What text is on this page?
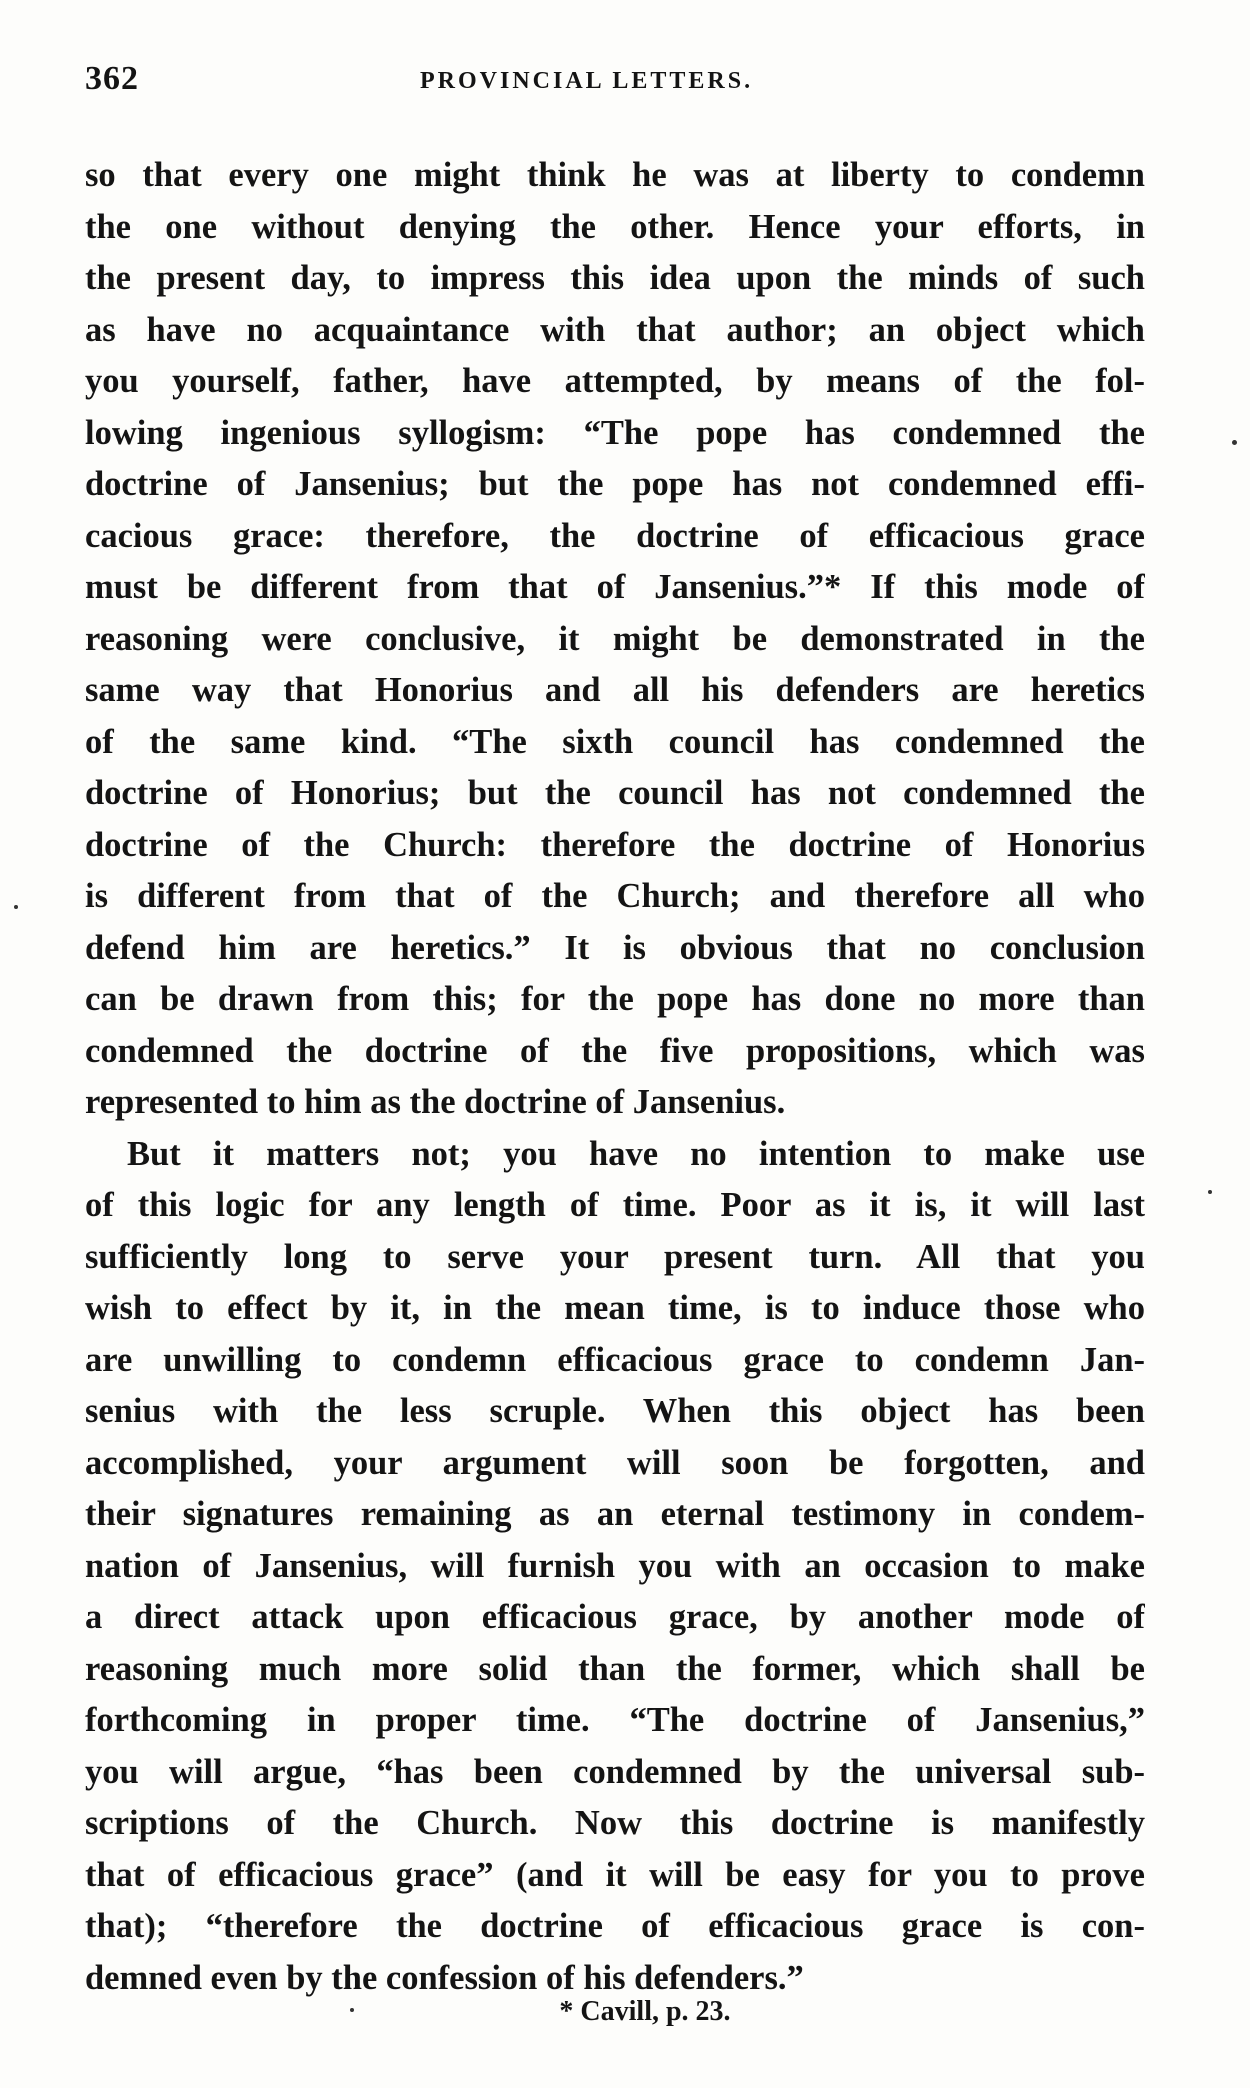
362	PROVINCIAL LETTERS.
so that every one might think he was at liberty to condemn
the one without denying the other. Hence your efforts, in
the present day, to impress this idea upon the minds of such
as have no acquaintance with that author; an object which
you yourself, father, have attempted, by means of the fol-
lowing ingenious syllogism: “The pope has condemned the
doctrine of Jansenius; but the pope has not condemned effi-
cacious grace: therefore, the doctrine of efficacious grace
must be different from that of Jansenius.”* If this mode of
reasoning were conclusive, it might be demonstrated in the
same way that Honorius and all his defenders are heretics
of the same kind. “The sixth council has condemned the
doctrine of Honorius; but the council has not condemned the
doctrine of the Church: therefore the doctrine of Honorius
is different from that of the Church; and therefore all who
defend him are heretics.” It is obvious that no conclusion
can be drawn from this; for the pope has done no more than
condemned the doctrine of the five propositions, which was
represented to him as the doctrine of Jansenius.
But it matters not; you have no intention to make use
of this logic for any length of time. Poor as it is, it will last
sufficiently long to serve your present turn. All that you
wish to effect by it, in the mean time, is to induce those who
are unwilling to condemn efficacious grace to condemn Jan-
senius with the less scruple. When this object has been
accomplished, your argument will soon be forgotten, and
their signatures remaining as an eternal testimony in condem-
nation of Jansenius, will furnish you with an occasion to make
a direct attack upon efficacious grace, by another mode of
reasoning much more solid than the former, which shall be
forthcoming in proper time. “The doctrine of Jansenius,”
you will argue, “has been condemned by the universal sub-
scriptions of the Church. Now this doctrine is manifestly
that of efficacious grace” (and it will be easy for you to prove
that); “therefore the doctrine of efficacious grace is con-
demned even by the confession of his defenders.”
* Cavill, p. 23.
